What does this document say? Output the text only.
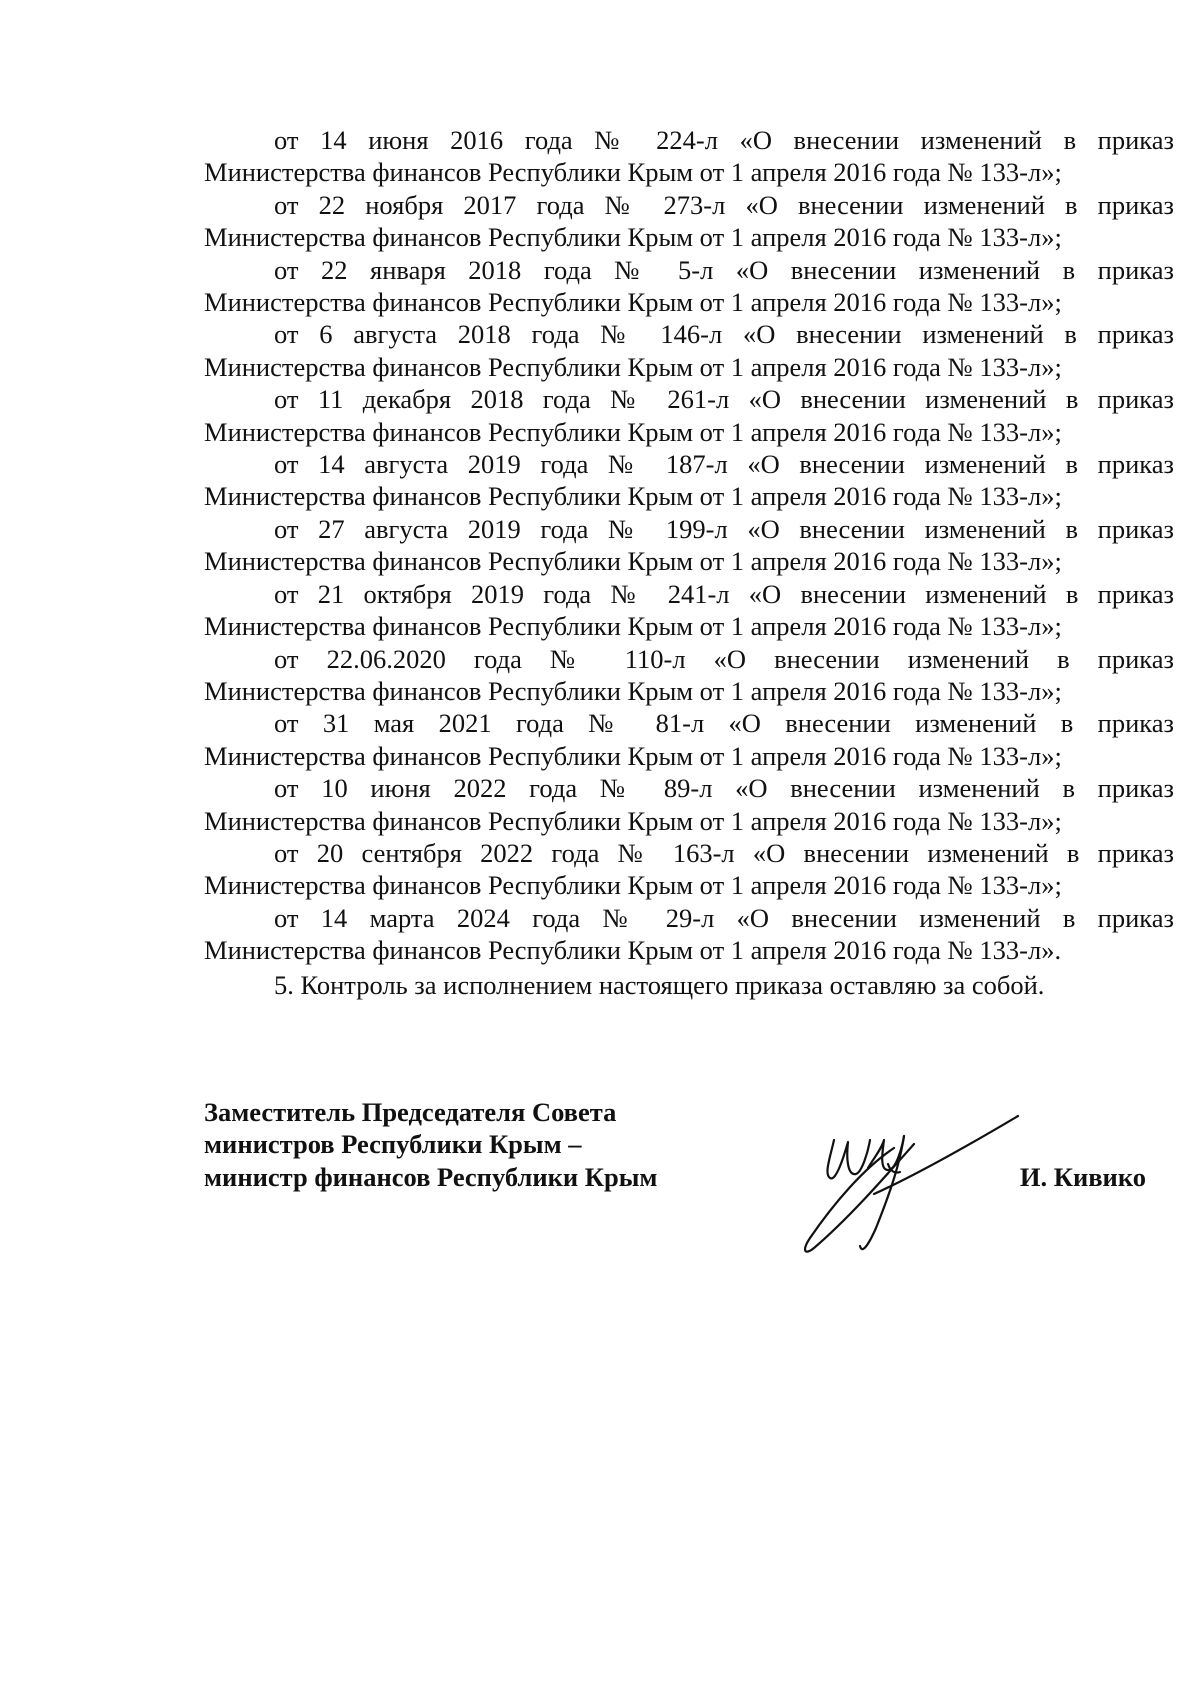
от 14 июня 2016 года № 224-л «О внесении изменений в приказ
Министерства финансов Республики Крым от 1 апреля 2016 года № 133-л»;

от 22 ноября 2017 года № 273-л «О внесении изменений в приказ
Министерства финансов Республики Крым от 1 апреля 2016 года № 133-л»;

от 22 января 2018 года № 5-л «О внесении изменений в приказ
Министерства финансов Республики Крым от 1 апреля 2016 года № 133-л»;

от 6 августа 2018 года № 146-л «О внесении изменений в приказ
Министерства финансов Республики Крым от 1 апреля 2016 года № 133-л»;

от 11 декабря 2018 года № 261-л «О внесении изменений в приказ
Министерства финансов Республики Крым от 1 апреля 2016 года № 133-л»;

от 14 августа 2019 года № 187-л «О внесении изменений в приказ
Министерства финансов Республики Крым от 1 апреля 2016 года № 133-л»;

от 27 августа 2019 года № 199-л «О внесении изменений в приказ
Министерства финансов Республики Крым от 1 апреля 2016 года № 133-л»;

от 21 октября 2019 года № 241-л «О внесении изменений в приказ
Министерства финансов Республики Крым от 1 апреля 2016 года № 133-л»;

от 22.06.2020 года № 110-л «О внесении изменений в приказ
Министерства финансов Республики Крым от 1 апреля 2016 года № 133-л»;

от 31 мая 2021 года № 81-л «О внесении изменений в приказ
Министерства финансов Республики Крым от 1 апреля 2016 года № 133-л»;

от 10 июня 2022 года № 89-л «О внесении изменений в приказ
Министерства финансов Республики Крым от 1 апреля 2016 года № 133-л»;

от 20 сентября 2022 года № 163-л «О внесении изменений в приказ
Министерства финансов Республики Крым от 1 апреля 2016 года № 133-л»;

от 14 марта 2024 года № 29-л «О внесении изменений в приказ
Министерства финансов Республики Крым от 1 апреля 2016 года № 133-л».

5. Контроль за исполнением настоящего приказа оставляю за собой.

Заместитель Председателя Совета
министров Республики Крым –
министр финансов Республики Крым	И. Кивико
